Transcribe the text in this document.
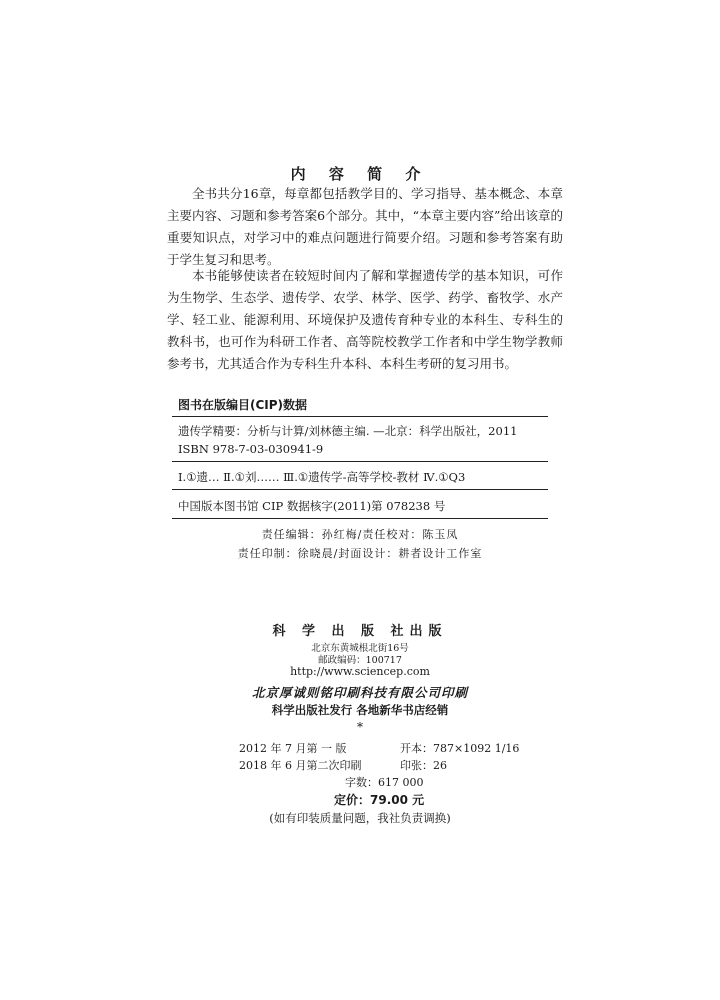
内 容 简 介

全书共分16章，每章都包括教学目的、学习指导、基本概念、本章主要内容、习题和参考答案6个部分。其中，“本章主要内容”给出该章的重要知识点，对学习中的难点问题进行简要介绍。习题和参考答案有助于学生复习和思考。

本书能够使读者在较短时间内了解和掌握遗传学的基本知识，可作为生物学、生态学、遗传学、农学、林学、医学、药学、畜牧学、水产学、轻工业、能源利用、环境保护及遗传育种专业的本科生、专科生的教科书，也可作为科研工作者、高等院校教学工作者和中学生物学教师参考书，尤其适合作为专科生升本科、本科生考研的复习用书。

图书在版编目(CIP)数据
遗传学精要：分析与计算/刘林德主编. —北京：科学出版社，2011
ISBN 978-7-03-030941-9
Ⅰ.①遗… Ⅱ.①刘…… Ⅲ.①遗传学-高等学校-教材 Ⅳ.①Q3
中国版本图书馆 CIP 数据核字(2011)第 078238 号
责任编辑：孙红梅/责任校对：陈玉凤
责任印制：徐晓晨/封面设计：耕者设计工作室
科 学 出 版 社出版
北京东黄城根北街16号
邮政编码：100717
http://www.sciencep.com
北京厚诚则铭印刷科技有限公司印刷
科学出版社发行 各地新华书店经销
*
2012 年 7 月第 一 版	开本：787×1092 1/16
2018 年 6 月第二次印刷	印张：26
字数：617 000
定价：79.00 元
(如有印装质量问题，我社负责调换)
